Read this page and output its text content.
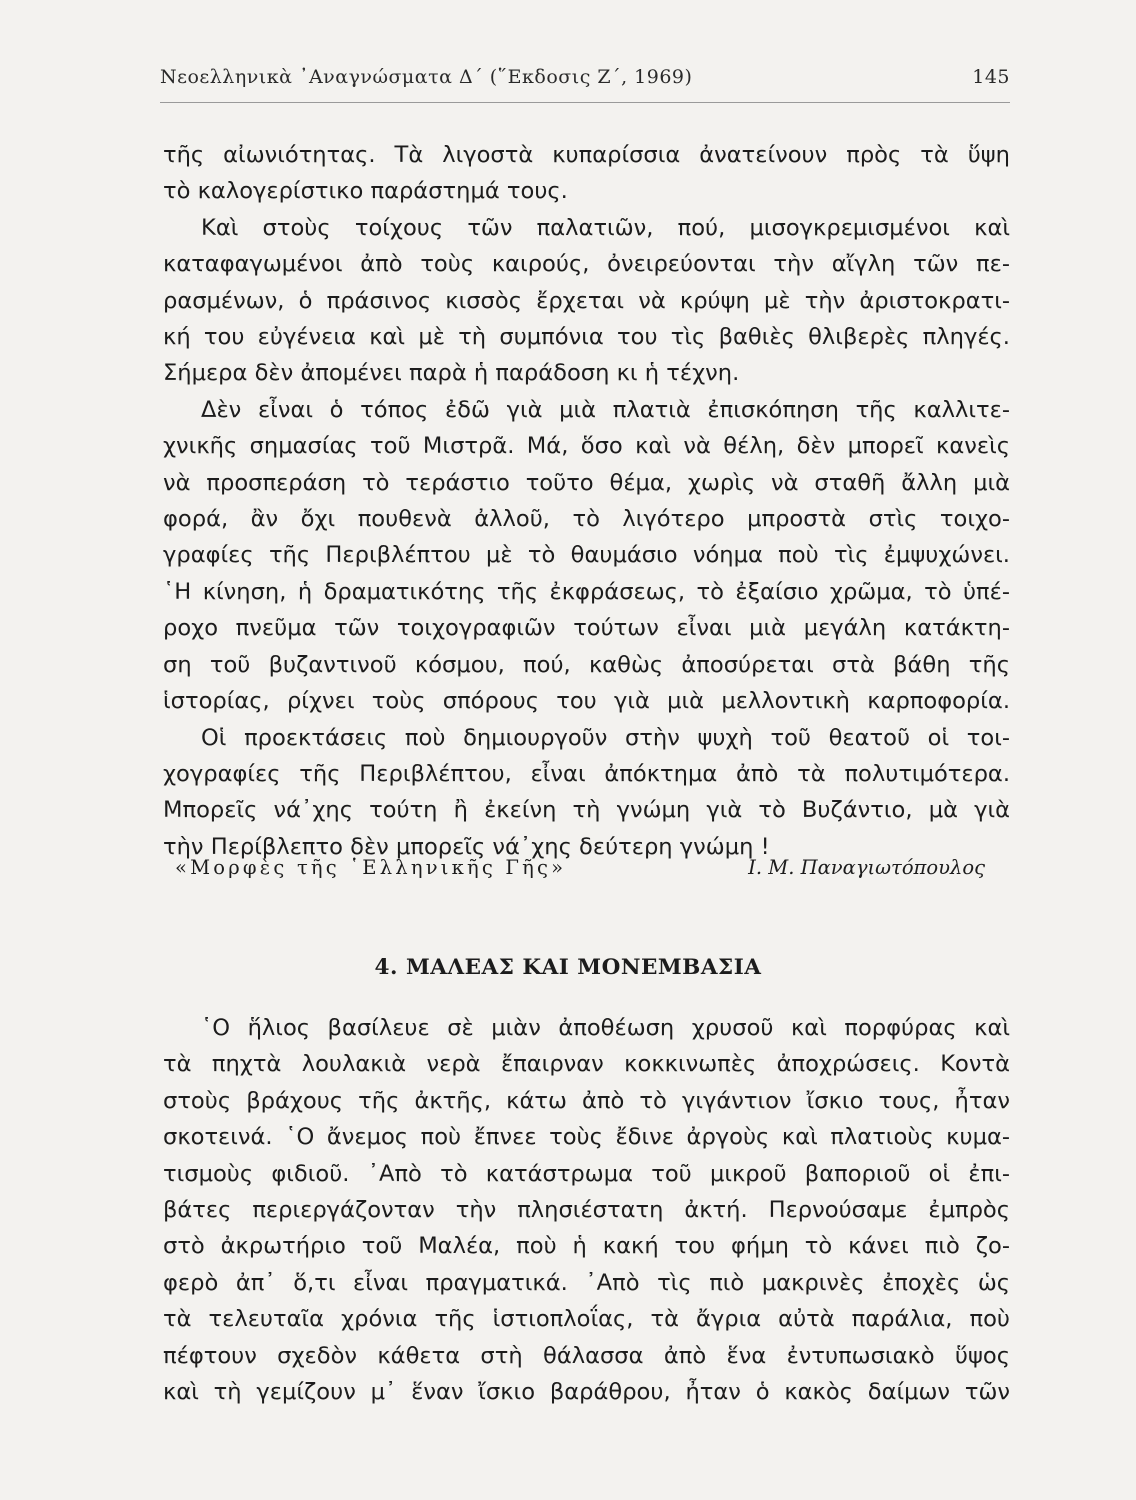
Νεοελληνικὰ ᾿Αναγνώσματα Δ΄ (῞Εκδοσις Ζ΄, 1969)	145
τῆς αἰωνιότητας. Τὰ λιγοστὰ κυπαρίσσια ἀνατείνουν πρὸς τὰ ὕψη
τὸ καλογερίστικο παράστημά τους.
Καὶ στοὺς τοίχους τῶν παλατιῶν, πού, μισογκρεμισμένοι καὶ
καταφαγωμένοι ἀπὸ τοὺς καιρούς, ὀνειρεύονται τὴν αἴγλη τῶν πε-
ρασμένων, ὁ πράσινος κισσὸς ἔρχεται νὰ κρύψη μὲ τὴν ἀριστοκρατι-
κή του εὐγένεια καὶ μὲ τὴ συμπόνια του τὶς βαθιὲς θλιβερὲς πληγές.
Σήμερα δὲν ἀπομένει παρὰ ἡ παράδοση κι ἡ τέχνη.
Δὲν εἶναι ὁ τόπος ἐδῶ γιὰ μιὰ πλατιὰ ἐπισκόπηση τῆς καλλιτε-
χνικῆς σημασίας τοῦ Μιστρᾶ. Μά, ὅσο καὶ νὰ θέλη, δὲν μπορεῖ κανεὶς
νὰ προσπεράση τὸ τεράστιο τοῦτο θέμα, χωρὶς νὰ σταθῆ ἄλλη μιὰ
φορά, ἂν ὄχι πουθενὰ ἀλλοῦ, τὸ λιγότερο μπροστὰ στὶς τοιχο-
γραφίες τῆς Περιβλέπτου μὲ τὸ θαυμάσιο νόημα ποὺ τὶς ἐμψυχώνει.
῾Η κίνηση, ἡ δραματικότης τῆς ἐκφράσεως, τὸ ἐξαίσιο χρῶμα, τὸ ὑπέ-
ροχο πνεῦμα τῶν τοιχογραφιῶν τούτων εἶναι μιὰ μεγάλη κατάκτη-
ση τοῦ βυζαντινοῦ κόσμου, πού, καθὼς ἀποσύρεται στὰ βάθη τῆς
ἱστορίας, ρίχνει τοὺς σπόρους του γιὰ μιὰ μελλοντικὴ καρποφορία.
Οἱ προεκτάσεις ποὺ δημιουργοῦν στὴν ψυχὴ τοῦ θεατοῦ οἱ τοι-
χογραφίες τῆς Περιβλέπτου, εἶναι ἀπόκτημα ἀπὸ τὰ πολυτιμότερα.
Μπορεῖς νά᾿χης τούτη ἢ ἐκείνη τὴ γνώμη γιὰ τὸ Βυζάντιο, μὰ γιὰ
τὴν Περίβλεπτο δὲν μπορεῖς νά᾿χης δεύτερη γνώμη !
«Μορφὲς τῆς ῾Ελληνικῆς Γῆς»	Ι. Μ. Παναγιωτόπουλος
4. ΜΑΛΕΑΣ ΚΑΙ ΜΟΝΕΜΒΑΣΙΑ
῾Ο ἥλιος βασίλευε σὲ μιὰν ἀποθέωση χρυσοῦ καὶ πορφύρας καὶ
τὰ πηχτὰ λουλακιὰ νερὰ ἔπαιρναν κοκκινωπὲς ἀποχρώσεις. Κοντὰ
στοὺς βράχους τῆς ἀκτῆς, κάτω ἀπὸ τὸ γιγάντιον ἴσκιο τους, ἦταν
σκοτεινά. ῾Ο ἄνεμος ποὺ ἔπνεε τοὺς ἔδινε ἀργοὺς καὶ πλατιοὺς κυμα-
τισμοὺς φιδιοῦ. ᾿Απὸ τὸ κατάστρωμα τοῦ μικροῦ βαποριοῦ οἱ ἐπι-
βάτες περιεργάζονταν τὴν πλησιέστατη ἀκτή. Περνούσαμε ἐμπρὸς
στὸ ἀκρωτήριο τοῦ Μαλέα, ποὺ ἡ κακή του φήμη τὸ κάνει πιὸ ζο-
φερὸ ἀπ᾿ ὅ,τι εἶναι πραγματικά. ᾿Απὸ τὶς πιὸ μακρινὲς ἐποχὲς ὡς
τὰ τελευταῖα χρόνια τῆς ἱστιοπλοΐας, τὰ ἄγρια αὐτὰ παράλια, ποὺ
πέφτουν σχεδὸν κάθετα στὴ θάλασσα ἀπὸ ἕνα ἐντυπωσιακὸ ὕψος
καὶ τὴ γεμίζουν μ᾿ ἕναν ἴσκιο βαράθρου, ἦταν ὁ κακὸς δαίμων τῶν
